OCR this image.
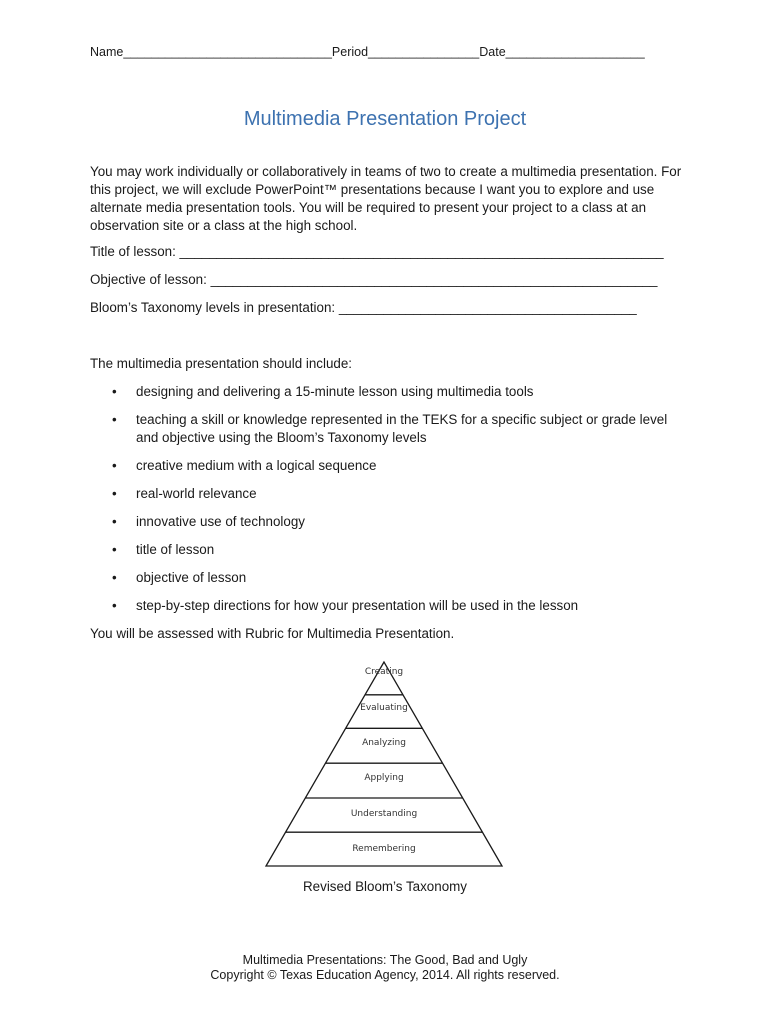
Name______________________________Period________________Date____________________
Multimedia Presentation Project
You may work individually or collaboratively in teams of two to create a multimedia presentation. For this project, we will exclude PowerPoint™ presentations because I want you to explore and use alternate media presentation tools. You will be required to present your project to a class at an observation site or a class at the high school.
Title of lesson: _________________________________________________________________
Objective of lesson: ____________________________________________________________
Bloom’s Taxonomy levels in presentation: ________________________________________
The multimedia presentation should include:
• designing and delivering a 15-minute lesson using multimedia tools
• teaching a skill or knowledge represented in the TEKS for a specific subject or grade level and objective using the Bloom’s Taxonomy levels
• creative medium with a logical sequence
• real-world relevance
• innovative use of technology
• title of lesson
• objective of lesson
• step-by-step directions for how your presentation will be used in the lesson
You will be assessed with Rubric for Multimedia Presentation.
Creating
Evaluating
Analyzing
Applying
Understanding
Remembering
Revised Bloom’s Taxonomy
Multimedia Presentations: The Good, Bad and Ugly
Copyright © Texas Education Agency, 2014. All rights reserved.
